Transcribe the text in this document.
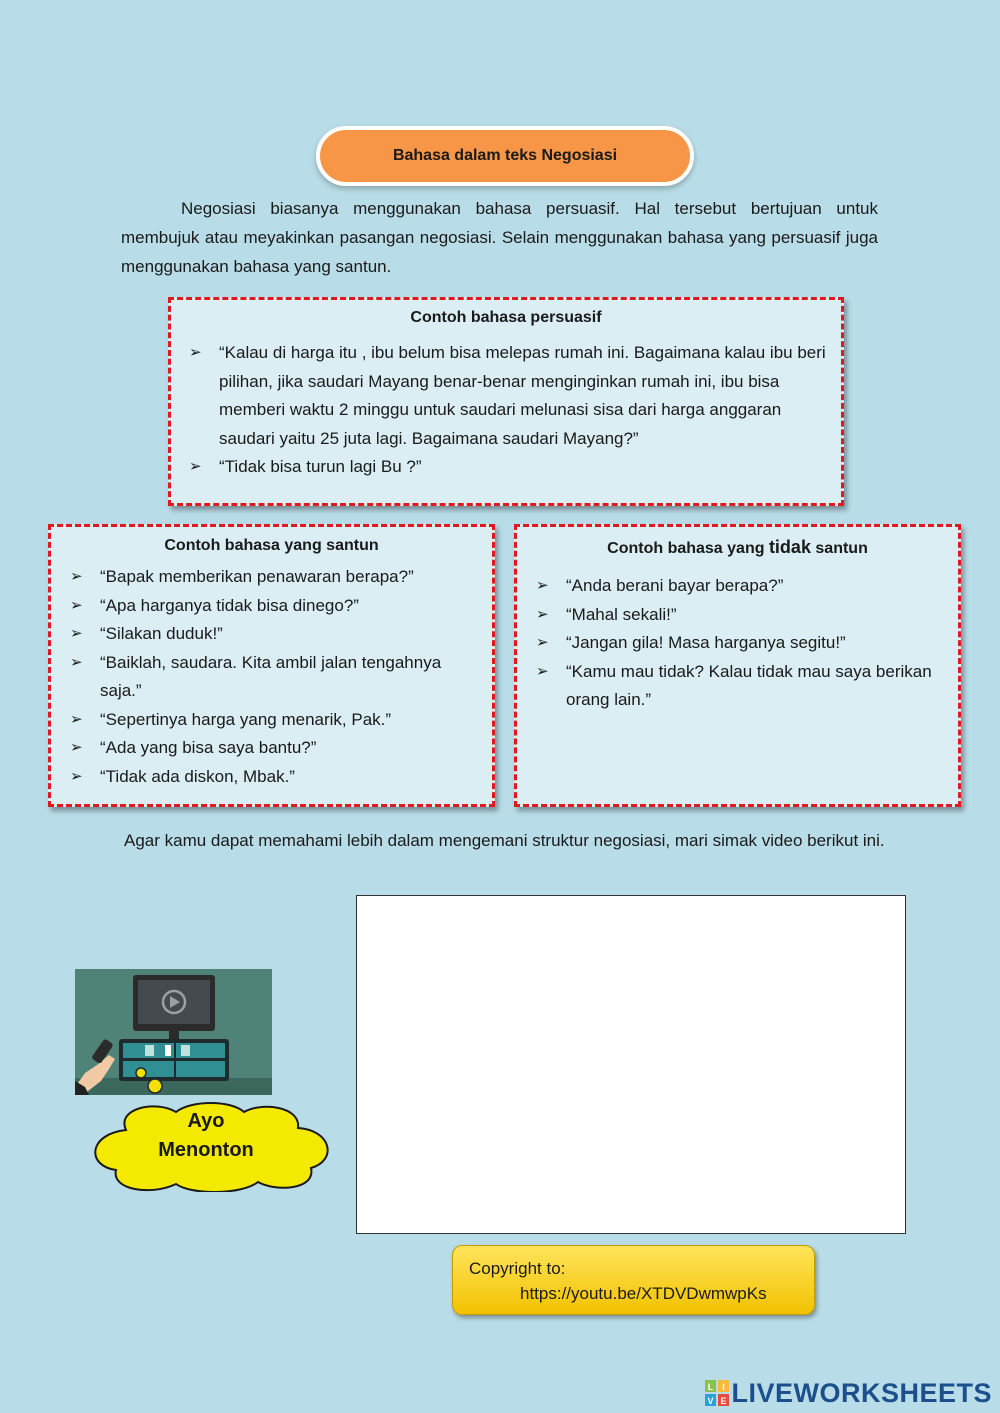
Bahasa dalam teks Negosiasi

Negosiasi biasanya menggunakan bahasa persuasif. Hal tersebut bertujuan untuk membujuk atau meyakinkan pasangan negosiasi. Selain menggunakan bahasa yang persuasif juga menggunakan bahasa yang santun.

Contoh bahasa persuasif
➢ “Kalau di harga itu , ibu belum bisa melepas rumah ini. Bagaimana kalau ibu beri pilihan, jika saudari Mayang benar-benar menginginkan rumah ini, ibu bisa memberi waktu 2 minggu untuk saudari melunasi sisa dari harga anggaran saudari yaitu 25 juta lagi. Bagaimana saudari Mayang?”
➢ “Tidak bisa turun lagi Bu ?”
Contoh bahasa yang santun
➢ “Bapak memberikan penawaran berapa?”
➢ “Apa harganya tidak bisa dinego?”
➢ “Silakan duduk!”
➢ “Baiklah, saudara. Kita ambil jalan tengahnya saja.”
➢ “Sepertinya harga yang menarik, Pak.”
➢ “Ada yang bisa saya bantu?”
➢ “Tidak ada diskon, Mbak.”
Contoh bahasa yang tidak santun
➢ “Anda berani bayar berapa?”
➢ “Mahal sekali!”
➢ “Jangan gila! Masa harganya segitu!”
➢ “Kamu mau tidak? Kalau tidak mau saya berikan orang lain.”

Agar kamu dapat memahami lebih dalam mengemani struktur negosiasi, mari simak video berikut ini.

Ayo
Menonton
Copyright to:
https://youtu.be/XTDVDwmwpKs
L I
V E LIVEWORKSHEETS
